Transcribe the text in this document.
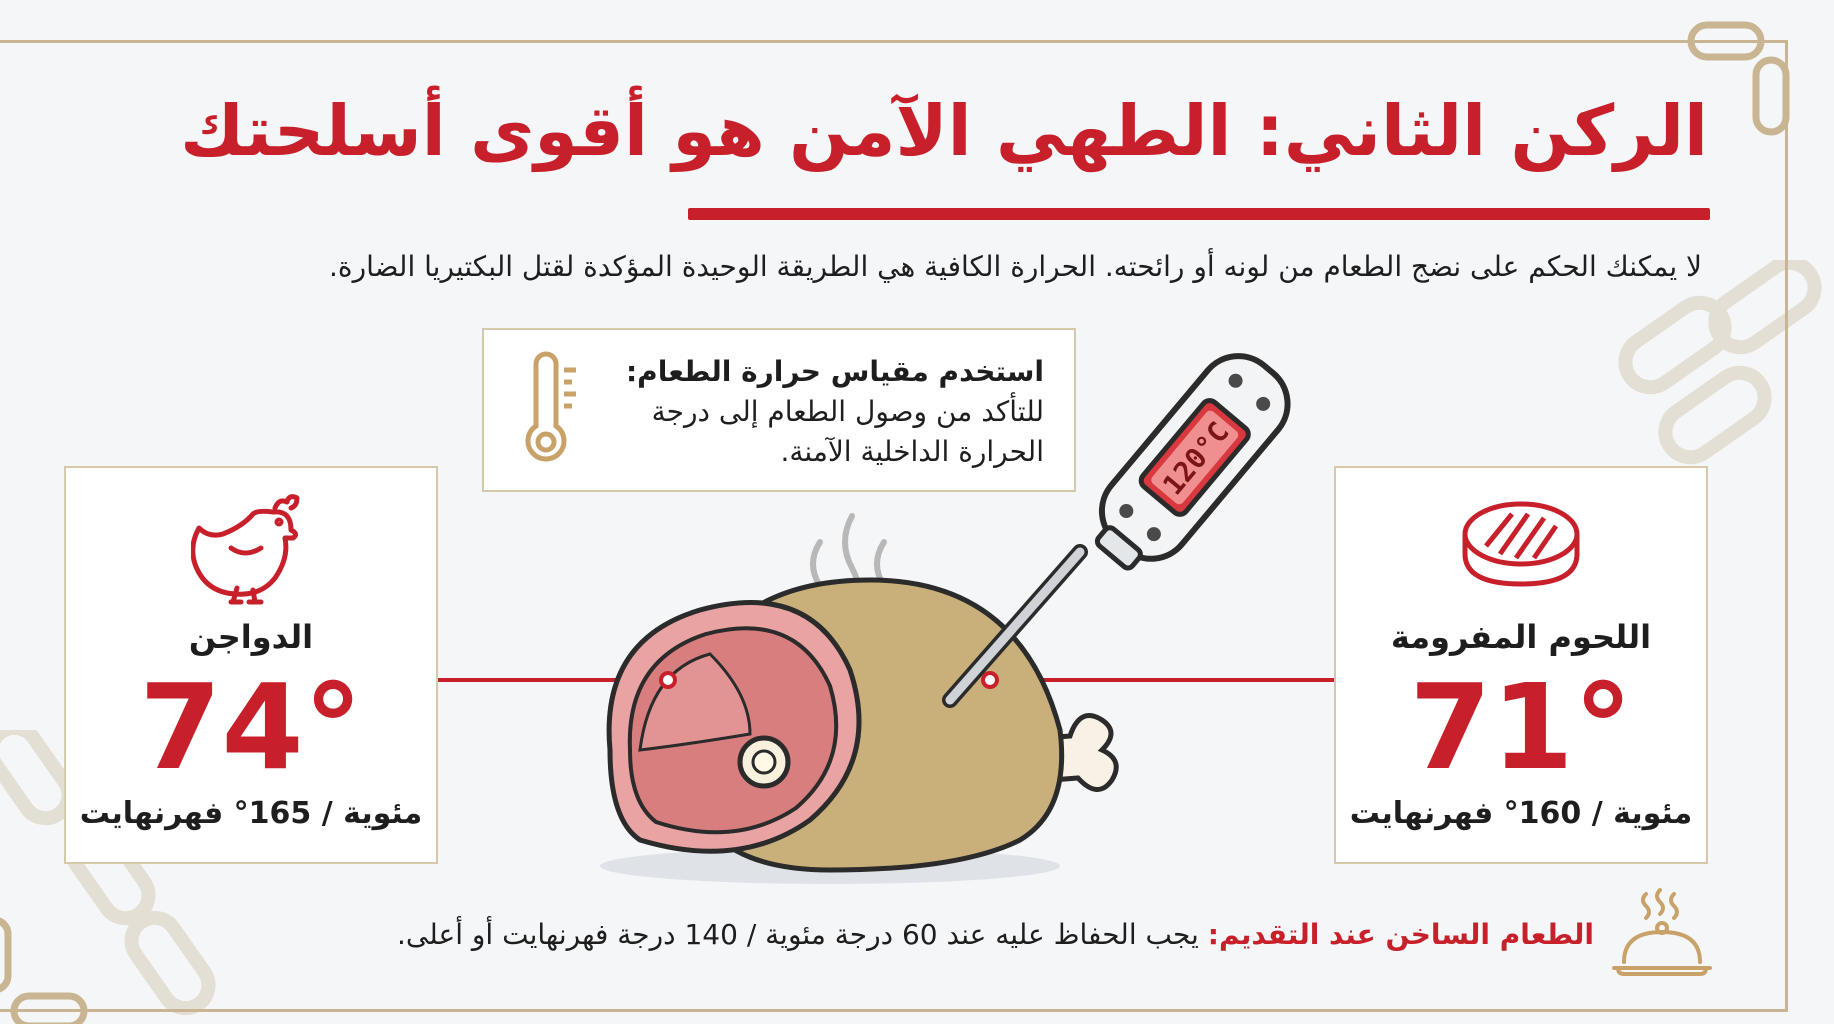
الركن الثاني: الطهي الآمن هو أقوى أسلحتك
لا يمكنك الحكم على نضج الطعام من لونه أو رائحته. الحرارة الكافية هي الطريقة الوحيدة المؤكدة لقتل البكتيريا الضارة.
استخدم مقياس حرارة الطعام:
للتأكد من وصول الطعام إلى درجة
الحرارة الداخلية الآمنة.	120°C
الدواجن
74°
مئوية / 165° فهرنهايت
اللحوم المفرومة
71°
مئوية / 160° فهرنهايت
الطعام الساخن عند التقديم: يجب الحفاظ عليه عند 60 درجة مئوية / 140 درجة فهرنهايت أو أعلى.
